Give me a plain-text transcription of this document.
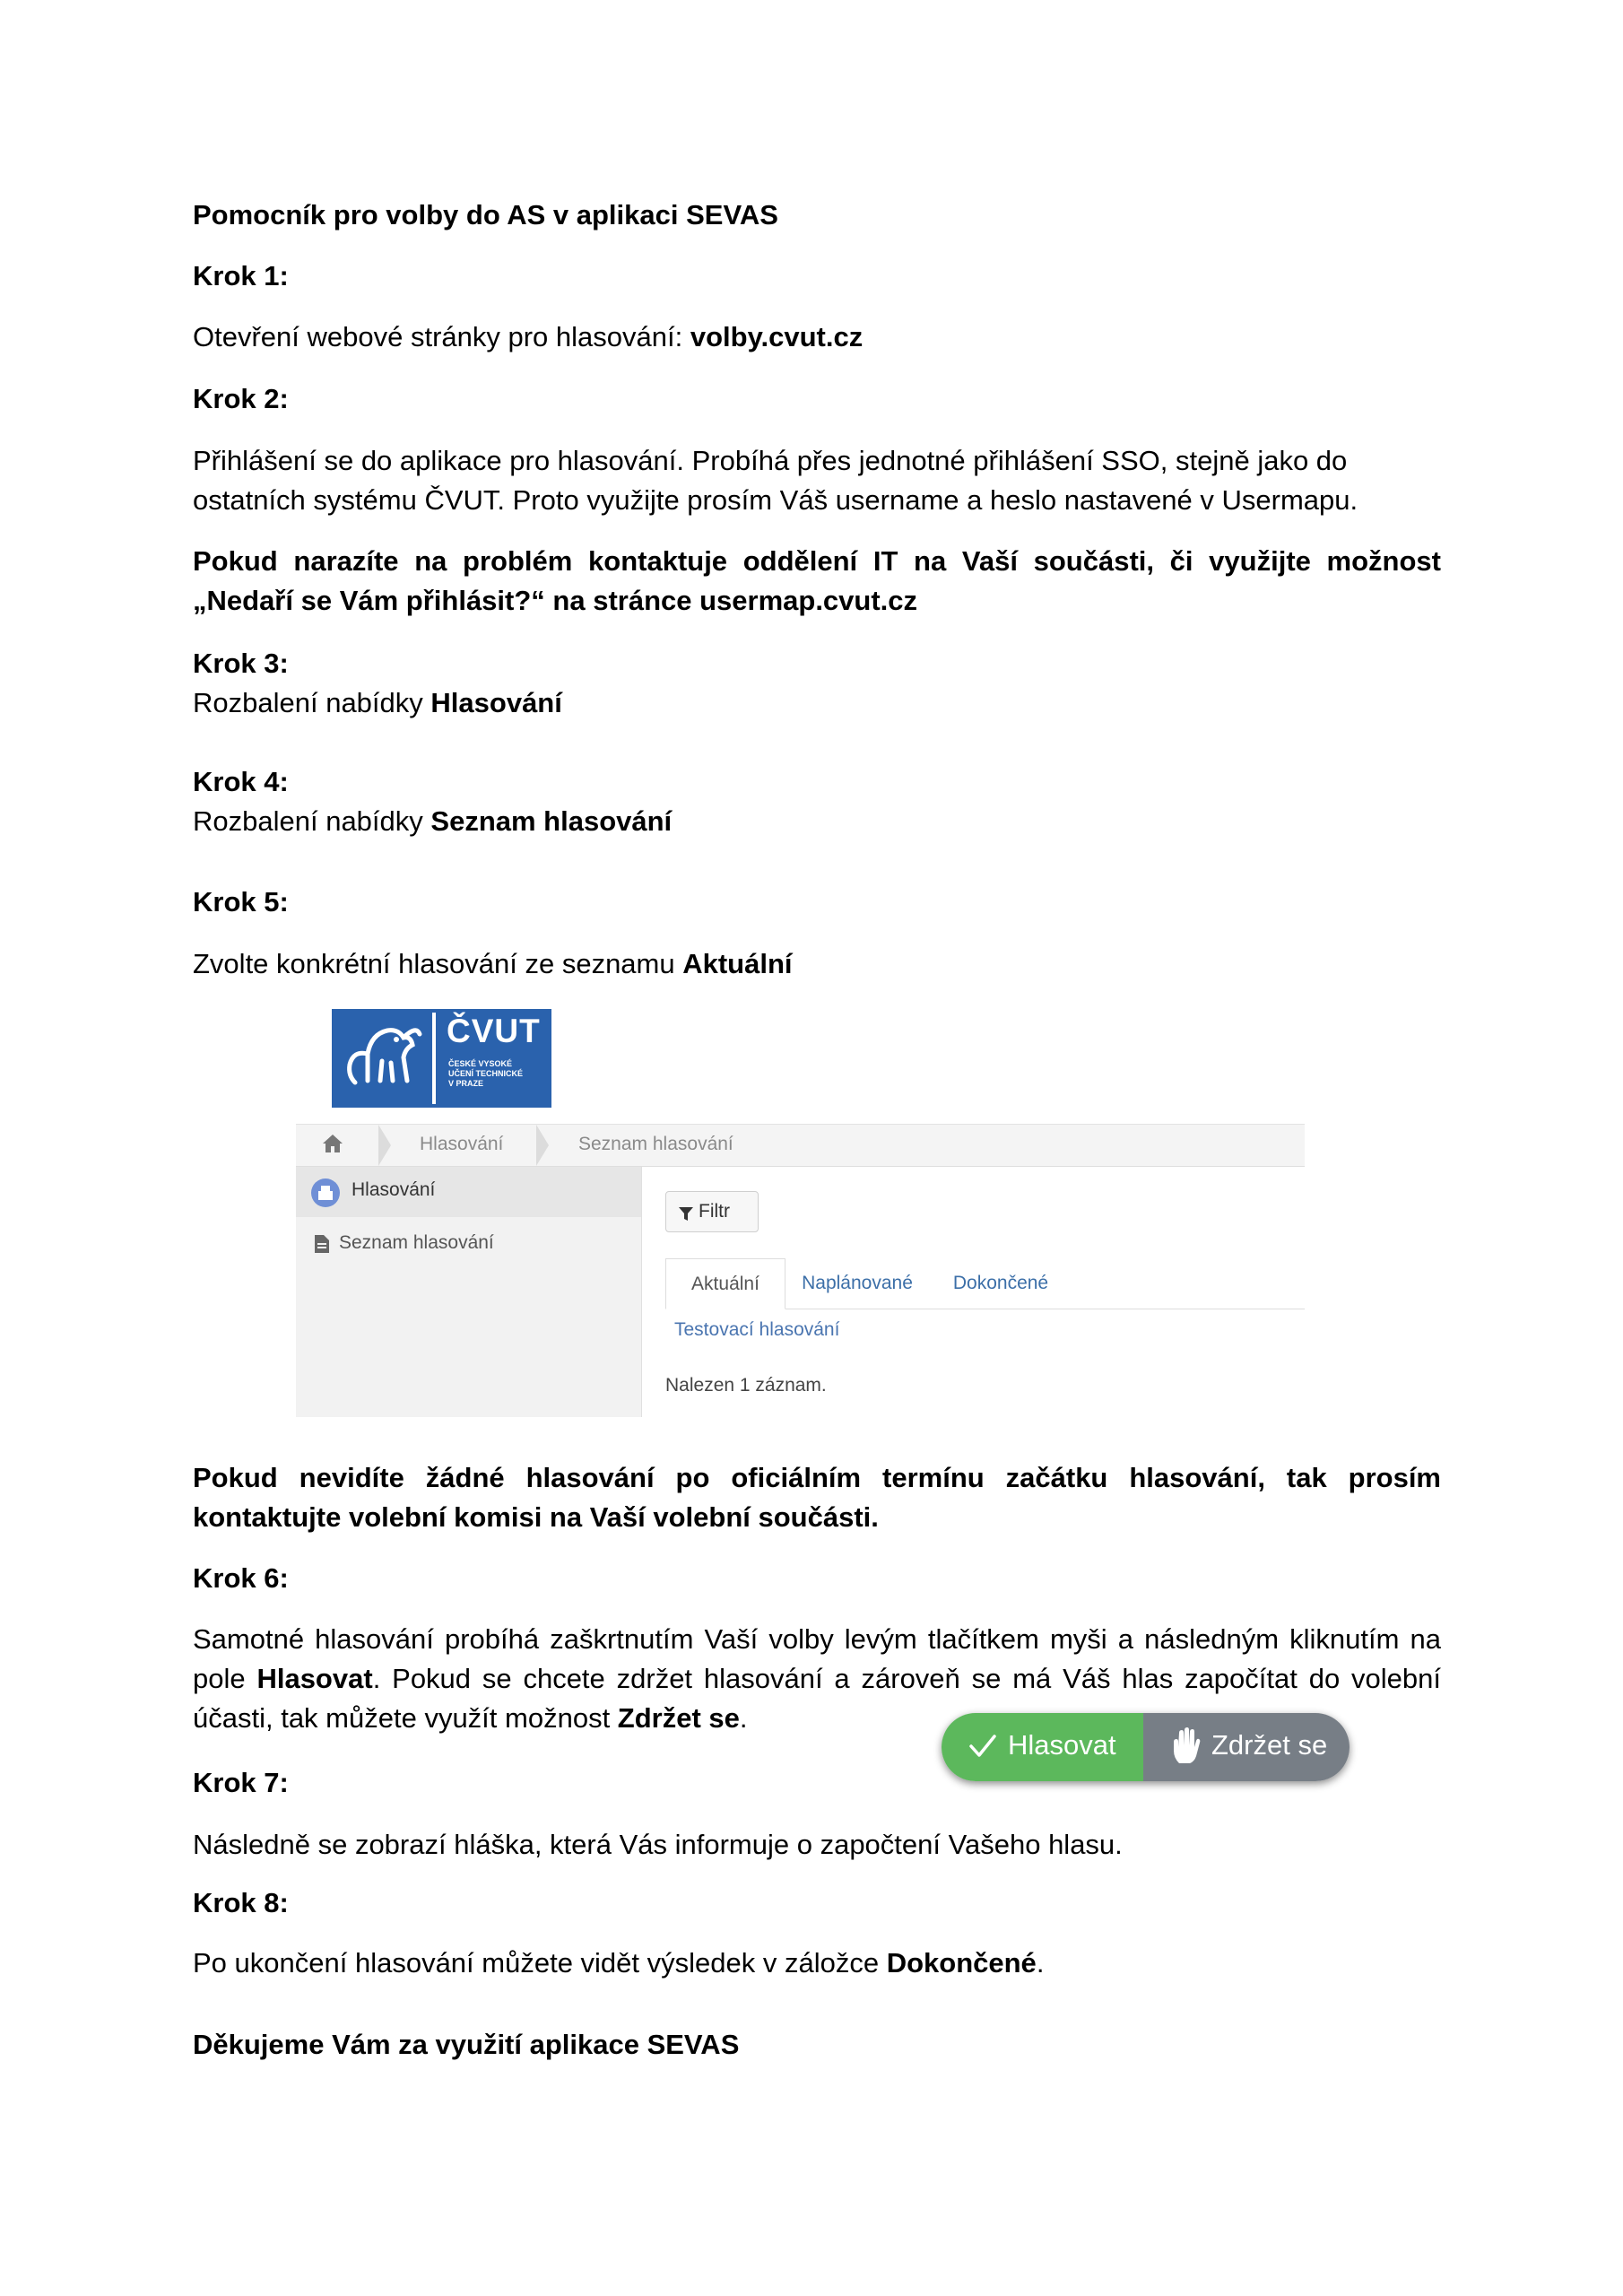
Pomocník pro volby do AS v aplikaci SEVAS
Krok 1:
Otevření webové stránky pro hlasování: volby.cvut.cz
Krok 2:
Přihlášení se do aplikace pro hlasování. Probíhá přes jednotné přihlášení SSO, stejně jako do ostatních systému ČVUT. Proto využijte prosím Váš username a heslo nastavené v Usermapu.
Pokud narazíte na problém kontaktuje oddělení IT na Vaší součásti, či využijte možnost „Nedaří se Vám přihlásit?“ na stránce usermap.cvut.cz
Krok 3:
Rozbalení nabídky Hlasování
Krok 4:
Rozbalení nabídky Seznam hlasování
Krok 5:
Zvolte konkrétní hlasování ze seznamu Aktuální
ČVUT
ČESKÉ VYSOKÉ
UČENÍ TECHNICKÉ
V PRAZE
Hlasování	Seznam hlasování
Hlasování
Seznam hlasování
Filtr
Aktuální	Naplánované	Dokončené
Testovací hlasování
Nalezen 1 záznam.
Pokud nevidíte žádné hlasování po oficiálním termínu začátku hlasování, tak prosím kontaktujte volební komisi na Vaší volební součásti.
Krok 6:
Samotné hlasování probíhá zaškrtnutím Vaší volby levým tlačítkem myši a následným kliknutím na pole Hlasovat. Pokud se chcete zdržet hlasování a zároveň se má Váš hlas započítat do volební účasti, tak můžete využít možnost Zdržet se.
Hlasovat	Zdržet se
Krok 7:
Následně se zobrazí hláška, která Vás informuje o započtení Vašeho hlasu.
Krok 8:
Po ukončení hlasování můžete vidět výsledek v záložce Dokončené.
Děkujeme Vám za využití aplikace SEVAS
